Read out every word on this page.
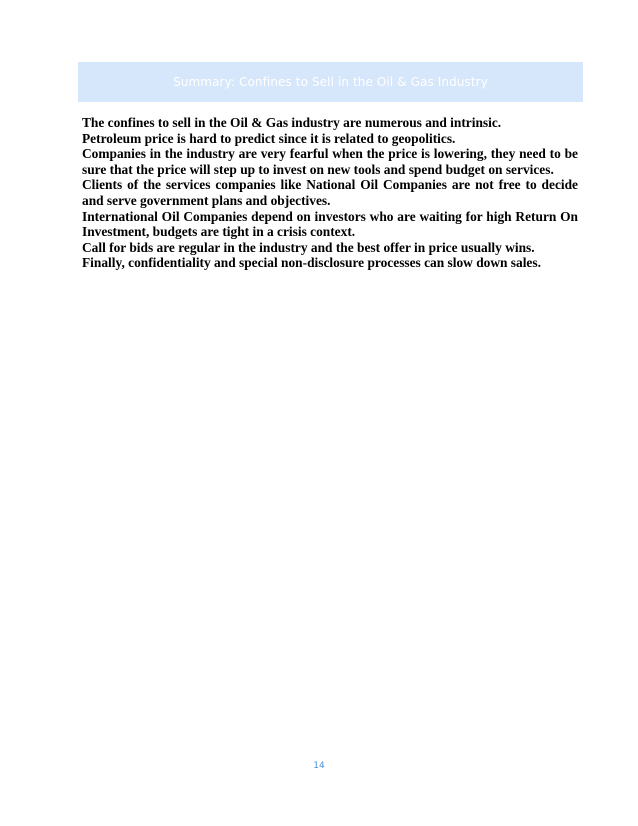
Summary: Confines to Sell in the Oil & Gas Industry

The confines to sell in the Oil & Gas industry are numerous and intrinsic.

Petroleum price is hard to predict since it is related to geopolitics.

Companies in the industry are very fearful when the price is lowering, they need to be sure that the price will step up to invest on new tools and spend budget on services.

Clients of the services companies like National Oil Companies are not free to decide and serve government plans and objectives.

International Oil Companies depend on investors who are waiting for high Return On Investment, budgets are tight in a crisis context.

Call for bids are regular in the industry and the best offer in price usually wins.

Finally, confidentiality and special non-disclosure processes can slow down sales.

14
